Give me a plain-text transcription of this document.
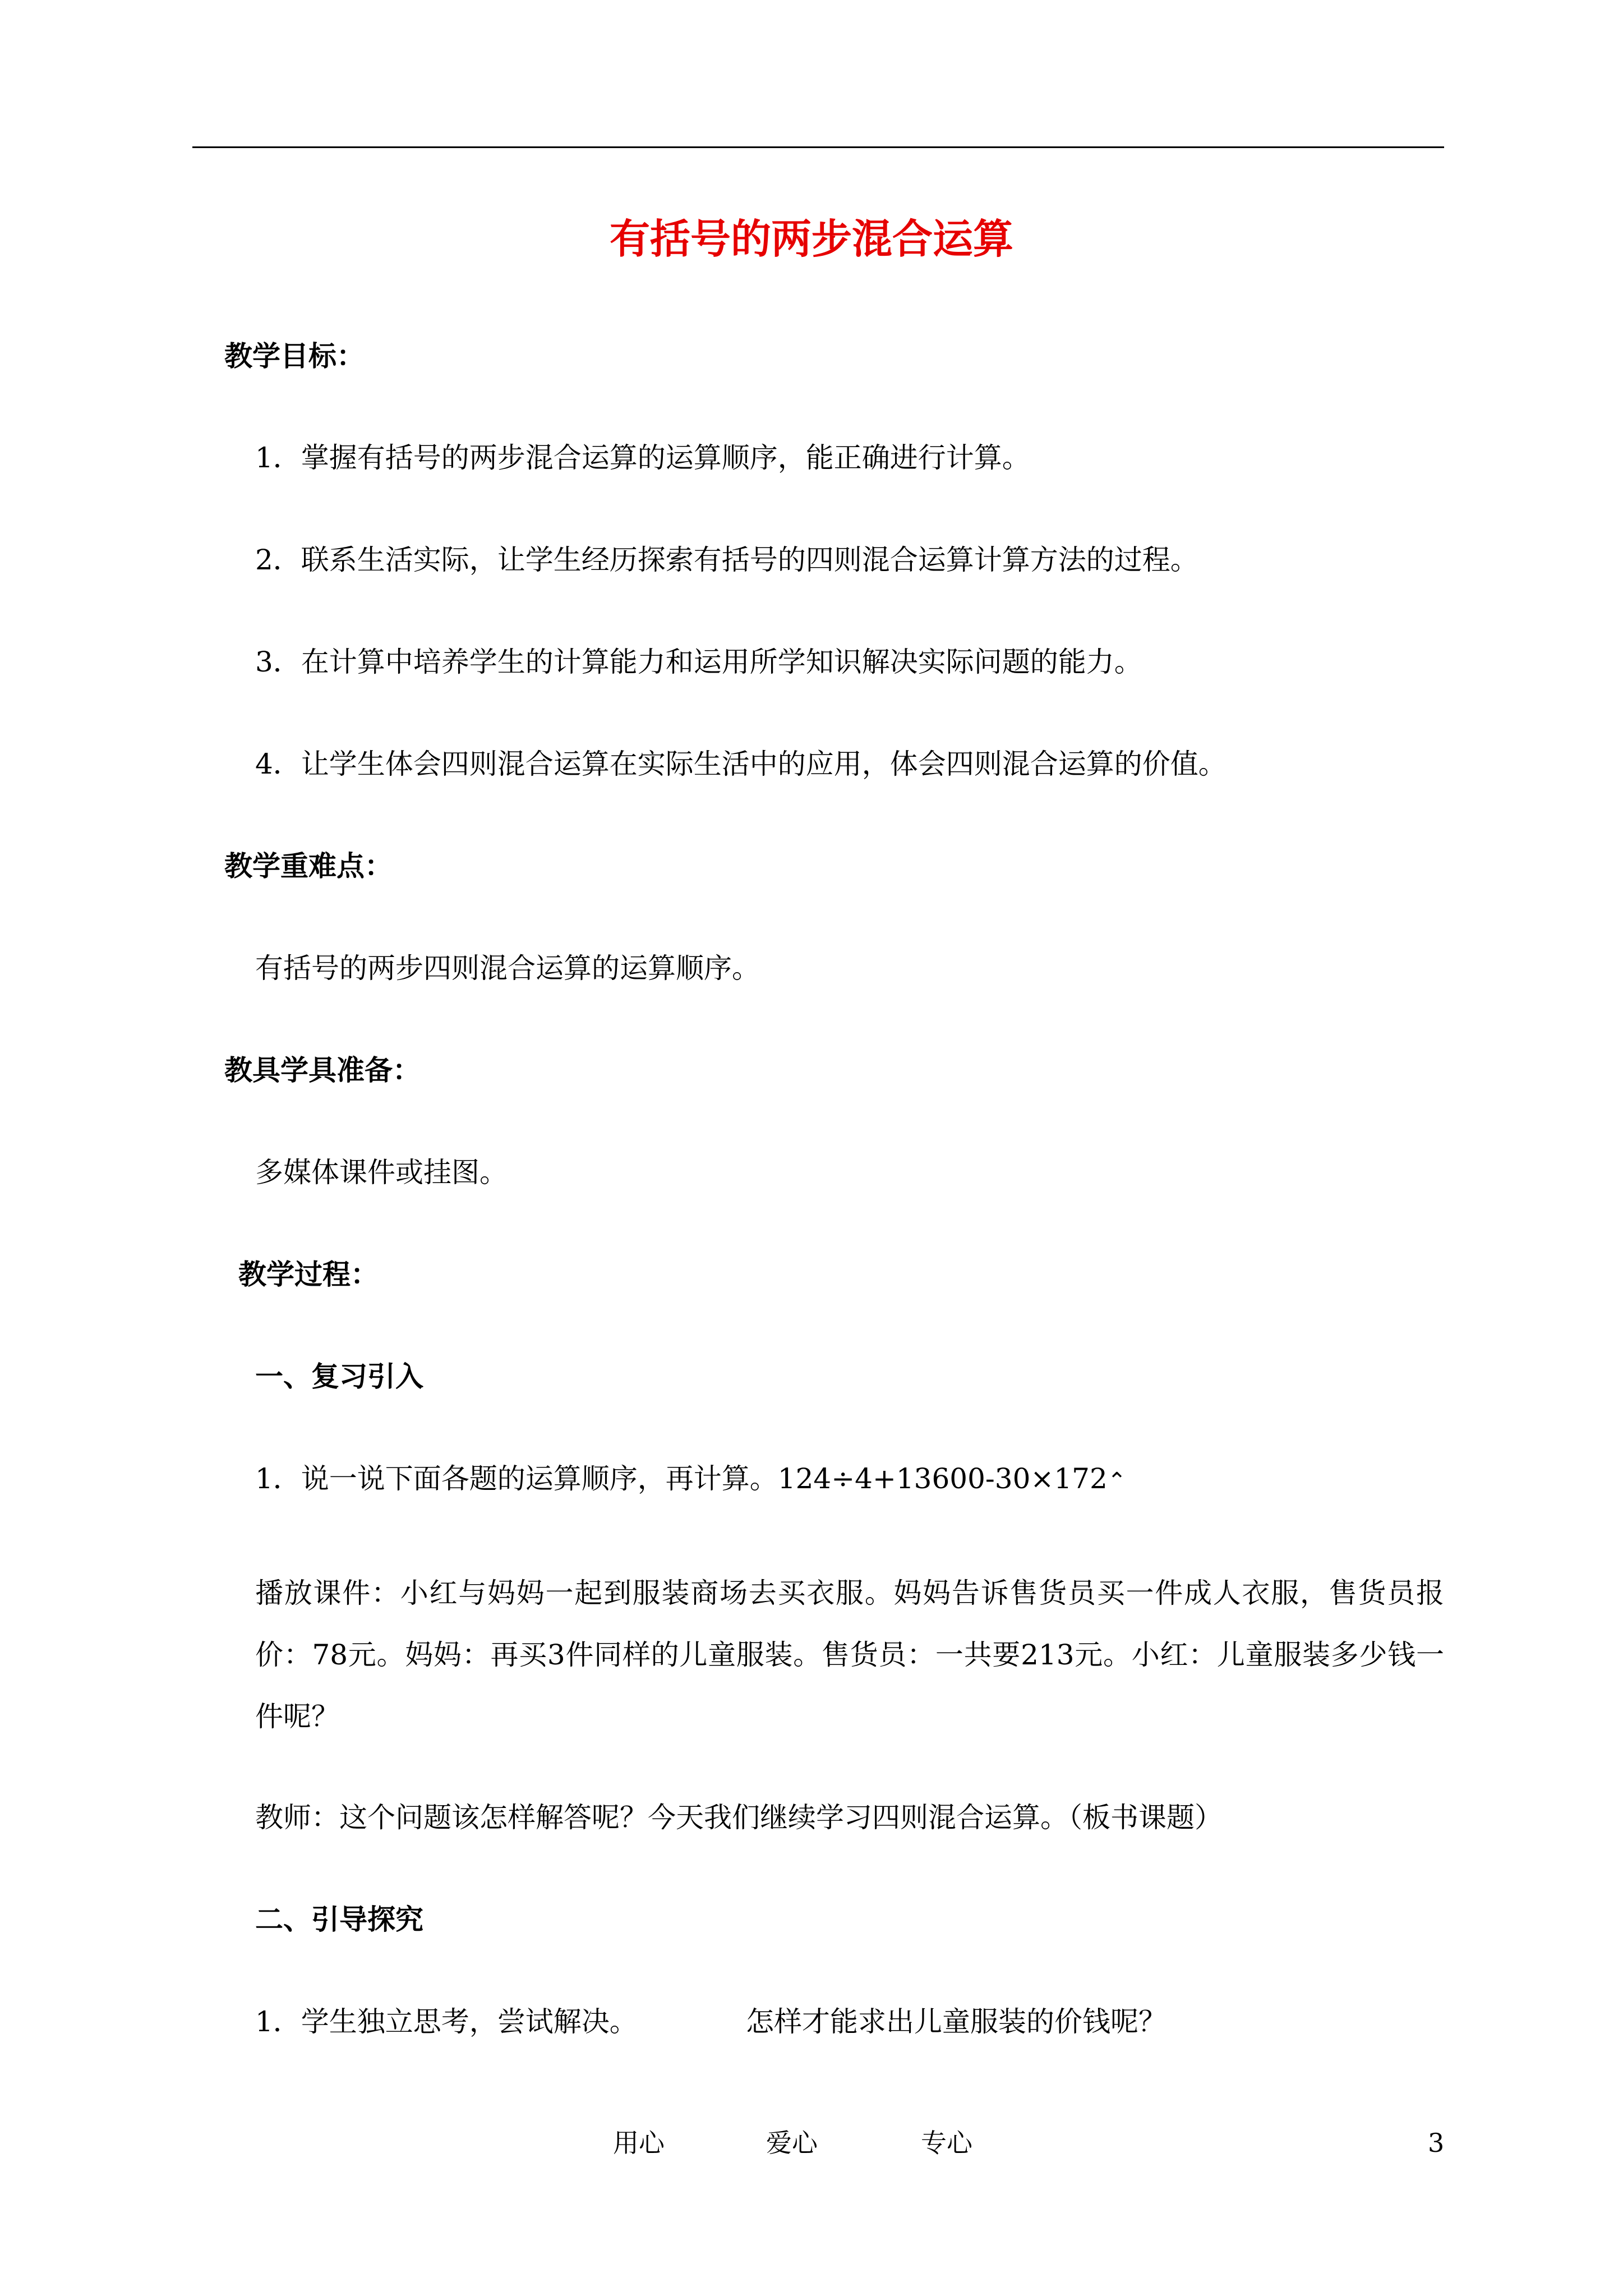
有括号的两步混合运算
教学目标：
1．掌握有括号的两步混合运算的运算顺序，能正确进行计算。
2．联系生活实际，让学生经历探索有括号的四则混合运算计算方法的过程。
3．在计算中培养学生的计算能力和运用所学知识解决实际问题的能力。
4．让学生体会四则混合运算在实际生活中的应用，体会四则混合运算的价值。
教学重难点：
有括号的两步四则混合运算的运算顺序。
教具学具准备：
多媒体课件或挂图。
教学过程：
一、复习引入
1．说一说下面各题的运算顺序，再计算。124÷4+13600-30×172⌃
播放课件：小红与妈妈一起到服装商场去买衣服。妈妈告诉售货员买一件成人衣服，售货员报价：78元。妈妈：再买3件同样的儿童服装。售货员：一共要213元。小红：儿童服装多少钱一件呢？
教师：这个问题该怎样解答呢？今天我们继续学习四则混合运算。（板书课题）
二、引导探究
1．学生独立思考，尝试解决。	怎样才能求出儿童服装的价钱呢？
用心	爱心	专心	3
